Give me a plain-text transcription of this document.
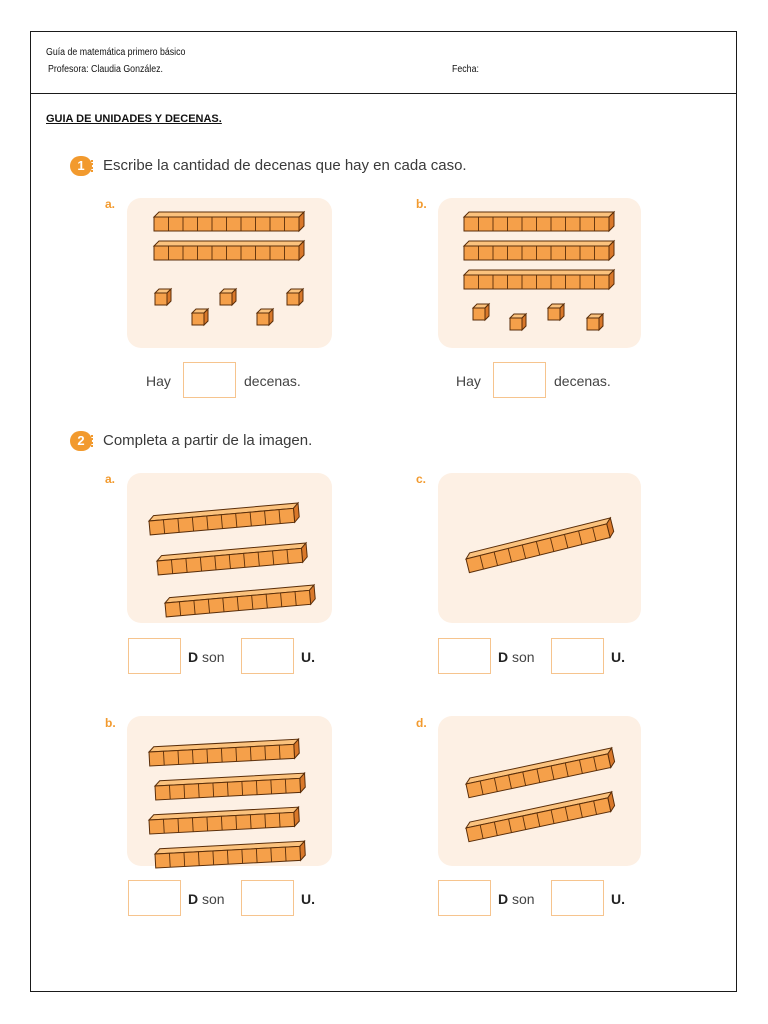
Guía de matemática primero básico
Profesora: Claudia González.	Fecha:
GUIA DE UNIDADES Y DECENAS.
1	Escribe la cantidad de decenas que hay en cada caso.
a.
Hay	decenas.
b.
Hay	decenas.
2	Completa a partir de la imagen.
a.
D son	U.
c.
D son	U.
b.
D son	U.
d.
D son	U.
